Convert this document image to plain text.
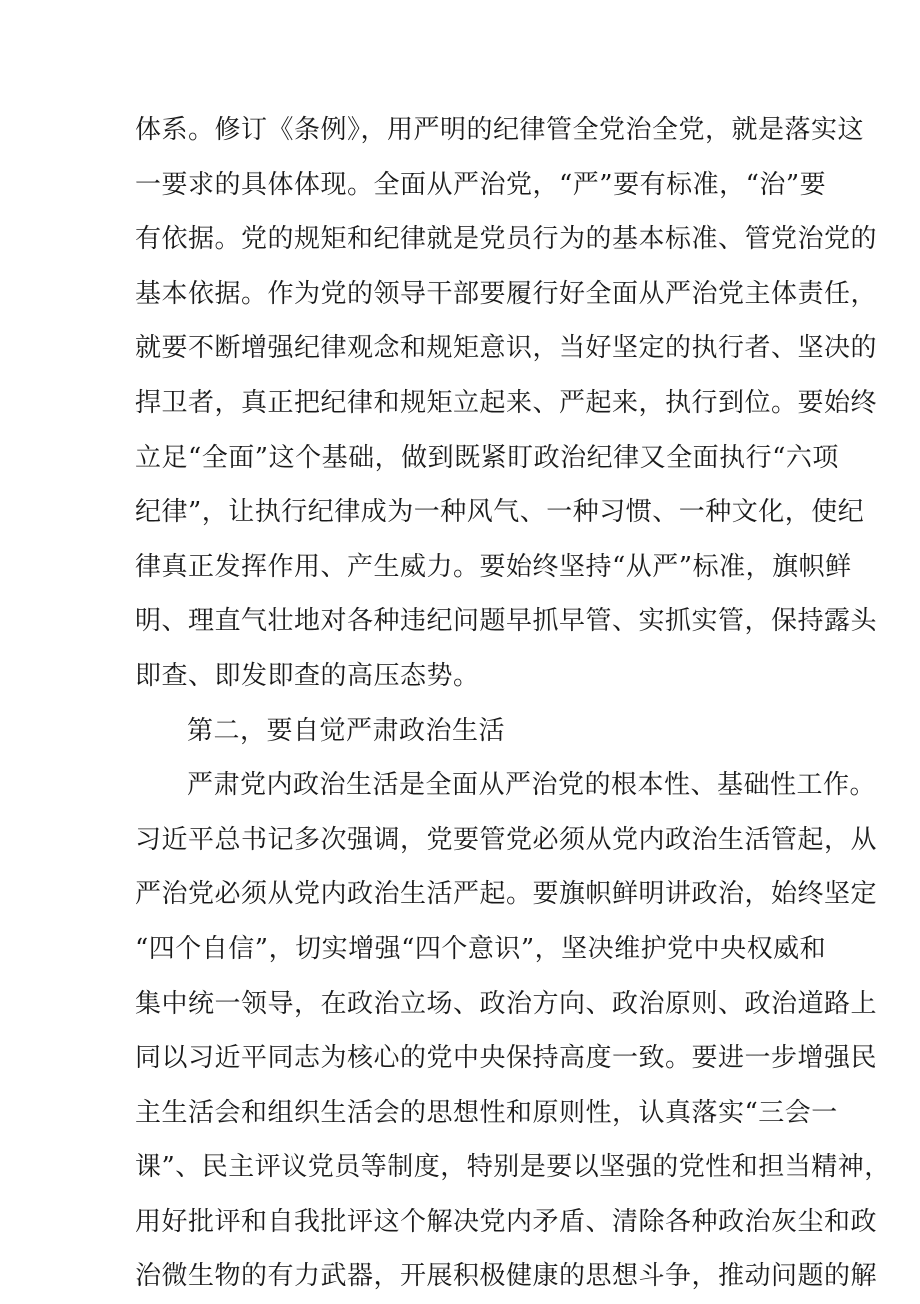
体系。修订《条例》，用严明的纪律管全党治全党，就是落实这
一要求的具体体现。全面从严治党，“严”要有标准，“治”要
有依据。党的规矩和纪律就是党员行为的基本标准、管党治党的
基本依据。作为党的领导干部要履行好全面从严治党主体责任，
就要不断增强纪律观念和规矩意识，当好坚定的执行者、坚决的
捍卫者，真正把纪律和规矩立起来、严起来，执行到位。要始终
立足“全面”这个基础，做到既紧盯政治纪律又全面执行“六项
纪律”，让执行纪律成为一种风气、一种习惯、一种文化，使纪
律真正发挥作用、产生威力。要始终坚持“从严”标准，旗帜鲜
明、理直气壮地对各种违纪问题早抓早管、实抓实管，保持露头
即查、即发即查的高压态势。
第二，要自觉严肃政治生活
严肃党内政治生活是全面从严治党的根本性、基础性工作。
习近平总书记多次强调，党要管党必须从党内政治生活管起，从
严治党必须从党内政治生活严起。要旗帜鲜明讲政治，始终坚定
“四个自信”，切实增强“四个意识”，坚决维护党中央权威和
集中统一领导，在政治立场、政治方向、政治原则、政治道路上
同以习近平同志为核心的党中央保持高度一致。要进一步增强民
主生活会和组织生活会的思想性和原则性，认真落实“三会一
课”、民主评议党员等制度，特别是要以坚强的党性和担当精神，
用好批评和自我批评这个解决党内矛盾、清除各种政治灰尘和政
治微生物的有力武器，开展积极健康的思想斗争，推动问题的解
